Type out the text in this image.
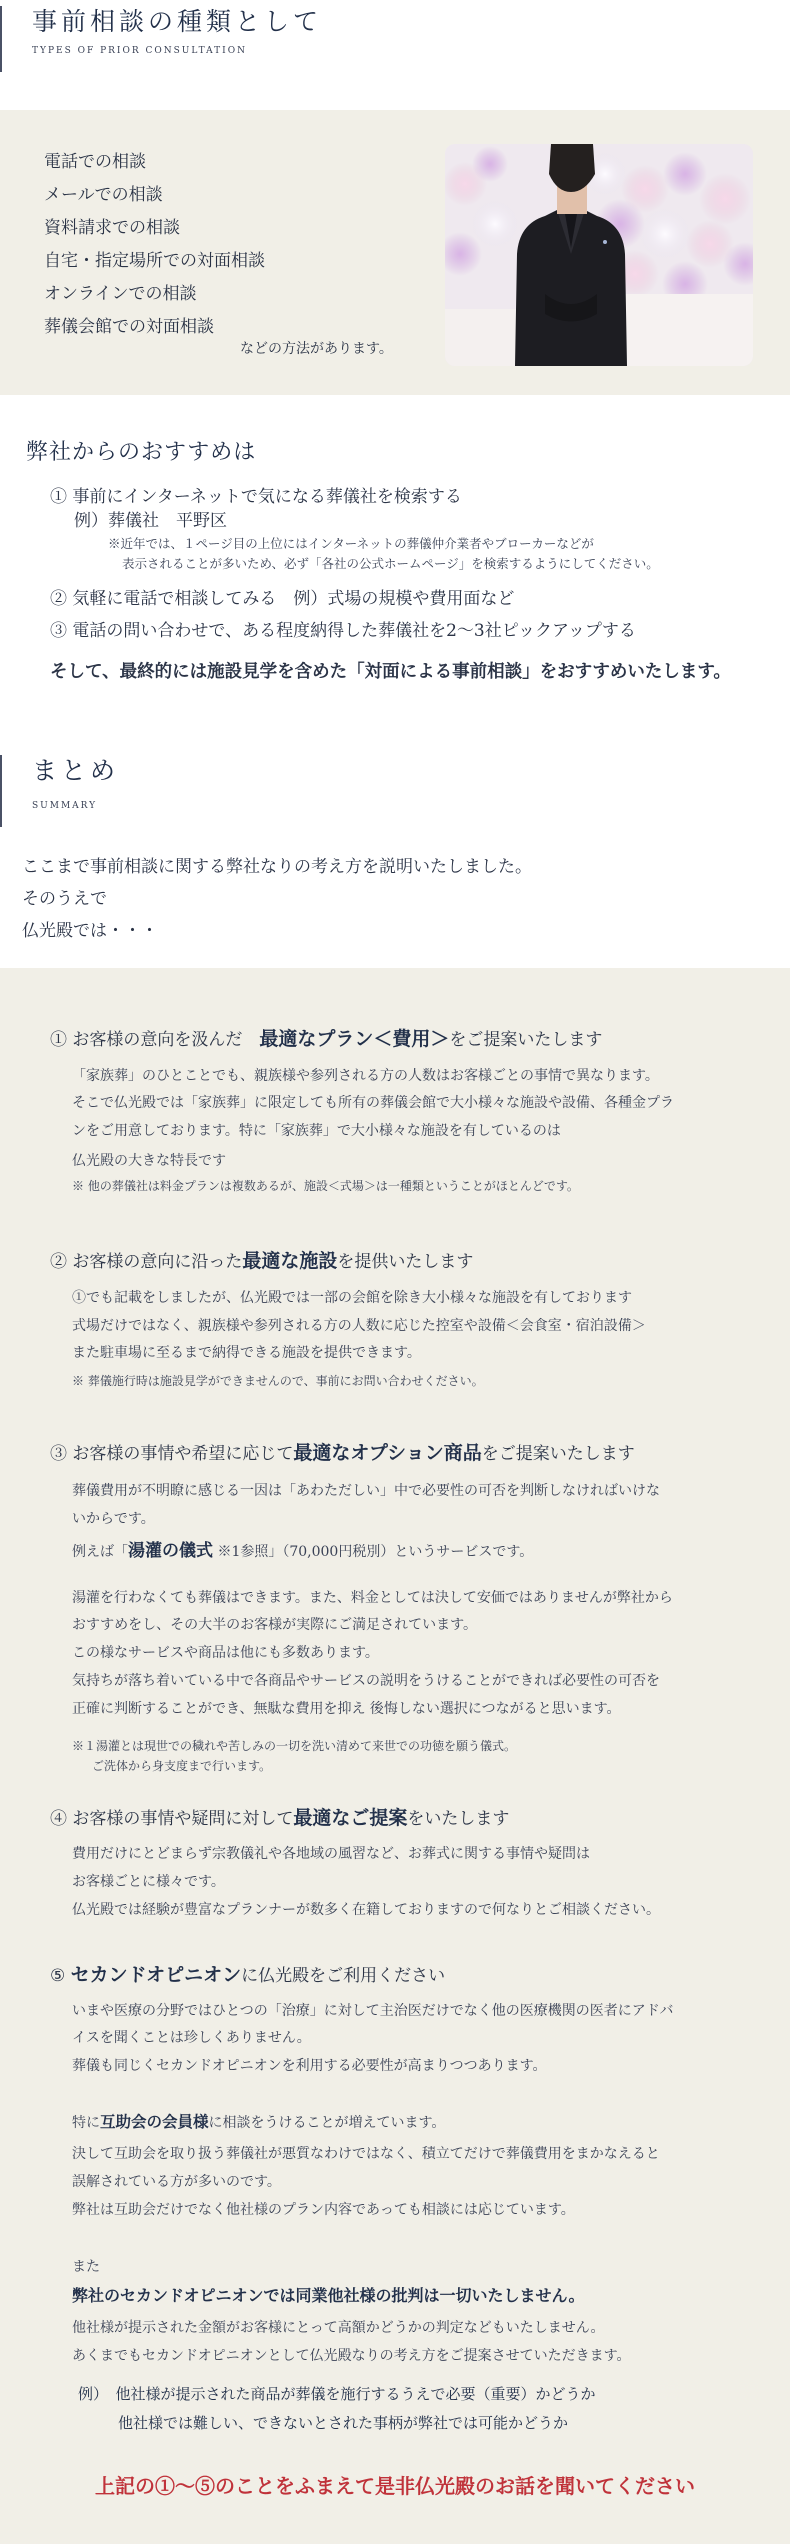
事前相談の種類として
TYPES OF PRIOR CONSULTATION
電話での相談
メールでの相談
資料請求での相談
自宅・指定場所での対面相談
オンラインでの相談
葬儀会館での対面相談
などの方法があります。
弊社からのおすすめは
① 事前にインターネットで気になる葬儀社を検索する
例）葬儀社　平野区
※近年では、１ページ目の上位にはインターネットの葬儀仲介業者やブローカーなどが
表示されることが多いため、必ず「各社の公式ホームページ」を検索するようにしてください。
② 気軽に電話で相談してみる　例）式場の規模や費用面など
③ 電話の問い合わせで、ある程度納得した葬儀社を2～3社ピックアップする
そして、最終的には施設見学を含めた「対面による事前相談」をおすすめいたします。
まとめ
SUMMARY
ここまで事前相談に関する弊社なりの考え方を説明いたしました。
そのうえで
仏光殿では・・・
① お客様の意向を汲んだ　最適なプラン＜費用＞をご提案いたします
「家族葬」のひとことでも、親族様や参列される方の人数はお客様ごとの事情で異なります。
そこで仏光殿では「家族葬」に限定しても所有の葬儀会館で大小様々な施設や設備、各種金プラ
ンをご用意しております。特に「家族葬」で大小様々な施設を有しているのは
仏光殿の大きな特長です
※ 他の葬儀社は料金プランは複数あるが、施設＜式場＞は一種類ということがほとんどです。
② お客様の意向に沿った最適な施設を提供いたします
①でも記載をしましたが、仏光殿では一部の会館を除き大小様々な施設を有しております
式場だけではなく、親族様や参列される方の人数に応じた控室や設備＜会食室・宿泊設備＞
また駐車場に至るまで納得できる施設を提供できます。
※ 葬儀施行時は施設見学ができませんので、事前にお問い合わせください。
③ お客様の事情や希望に応じて最適なオプション商品をご提案いたします
葬儀費用が不明瞭に感じる一因は「あわただしい」中で必要性の可否を判断しなければいけな
いからです。
例えば「湯灌の儀式 ※1参照」（70,000円税別）というサービスです。
湯灌を行わなくても葬儀はできます。また、料金としては決して安価ではありませんが弊社から
おすすめをし、その大半のお客様が実際にご満足されています。
この様なサービスや商品は他にも多数あります。
気持ちが落ち着いている中で各商品やサービスの説明をうけることができれば必要性の可否を
正確に判断することができ、無駄な費用を抑え 後悔しない選択につながると思います。
※１湯灌とは現世での穢れや苦しみの一切を洗い清めて来世での功徳を願う儀式。
ご洗体から身支度まで行います。
④ お客様の事情や疑問に対して最適なご提案をいたします
費用だけにとどまらず宗教儀礼や各地域の風習など、お葬式に関する事情や疑問は
お客様ごとに様々です。
仏光殿では経験が豊富なプランナーが数多く在籍しておりますので何なりとご相談ください。
⑤ セカンドオピニオンに仏光殿をご利用ください
いまや医療の分野ではひとつの「治療」に対して主治医だけでなく他の医療機関の医者にアドバ
イスを聞くことは珍しくありません。
葬儀も同じくセカンドオピニオンを利用する必要性が高まりつつあります。
特に互助会の会員様に相談をうけることが増えています。
決して互助会を取り扱う葬儀社が悪質なわけではなく、積立てだけで葬儀費用をまかなえると
誤解されている方が多いのです。
弊社は互助会だけでなく他社様のプラン内容であっても相談には応じています。
また
弊社のセカンドオピニオンでは同業他社様の批判は一切いたしません。
他社様が提示された金額がお客様にとって高額かどうかの判定などもいたしません。
あくまでもセカンドオピニオンとして仏光殿なりの考え方をご提案させていただきます。
例）　他社様が提示された商品が葬儀を施行するうえで必要（重要）かどうか
他社様では難しい、できないとされた事柄が弊社では可能かどうか
上記の①～⑤のことをふまえて是非仏光殿のお話を聞いてください
